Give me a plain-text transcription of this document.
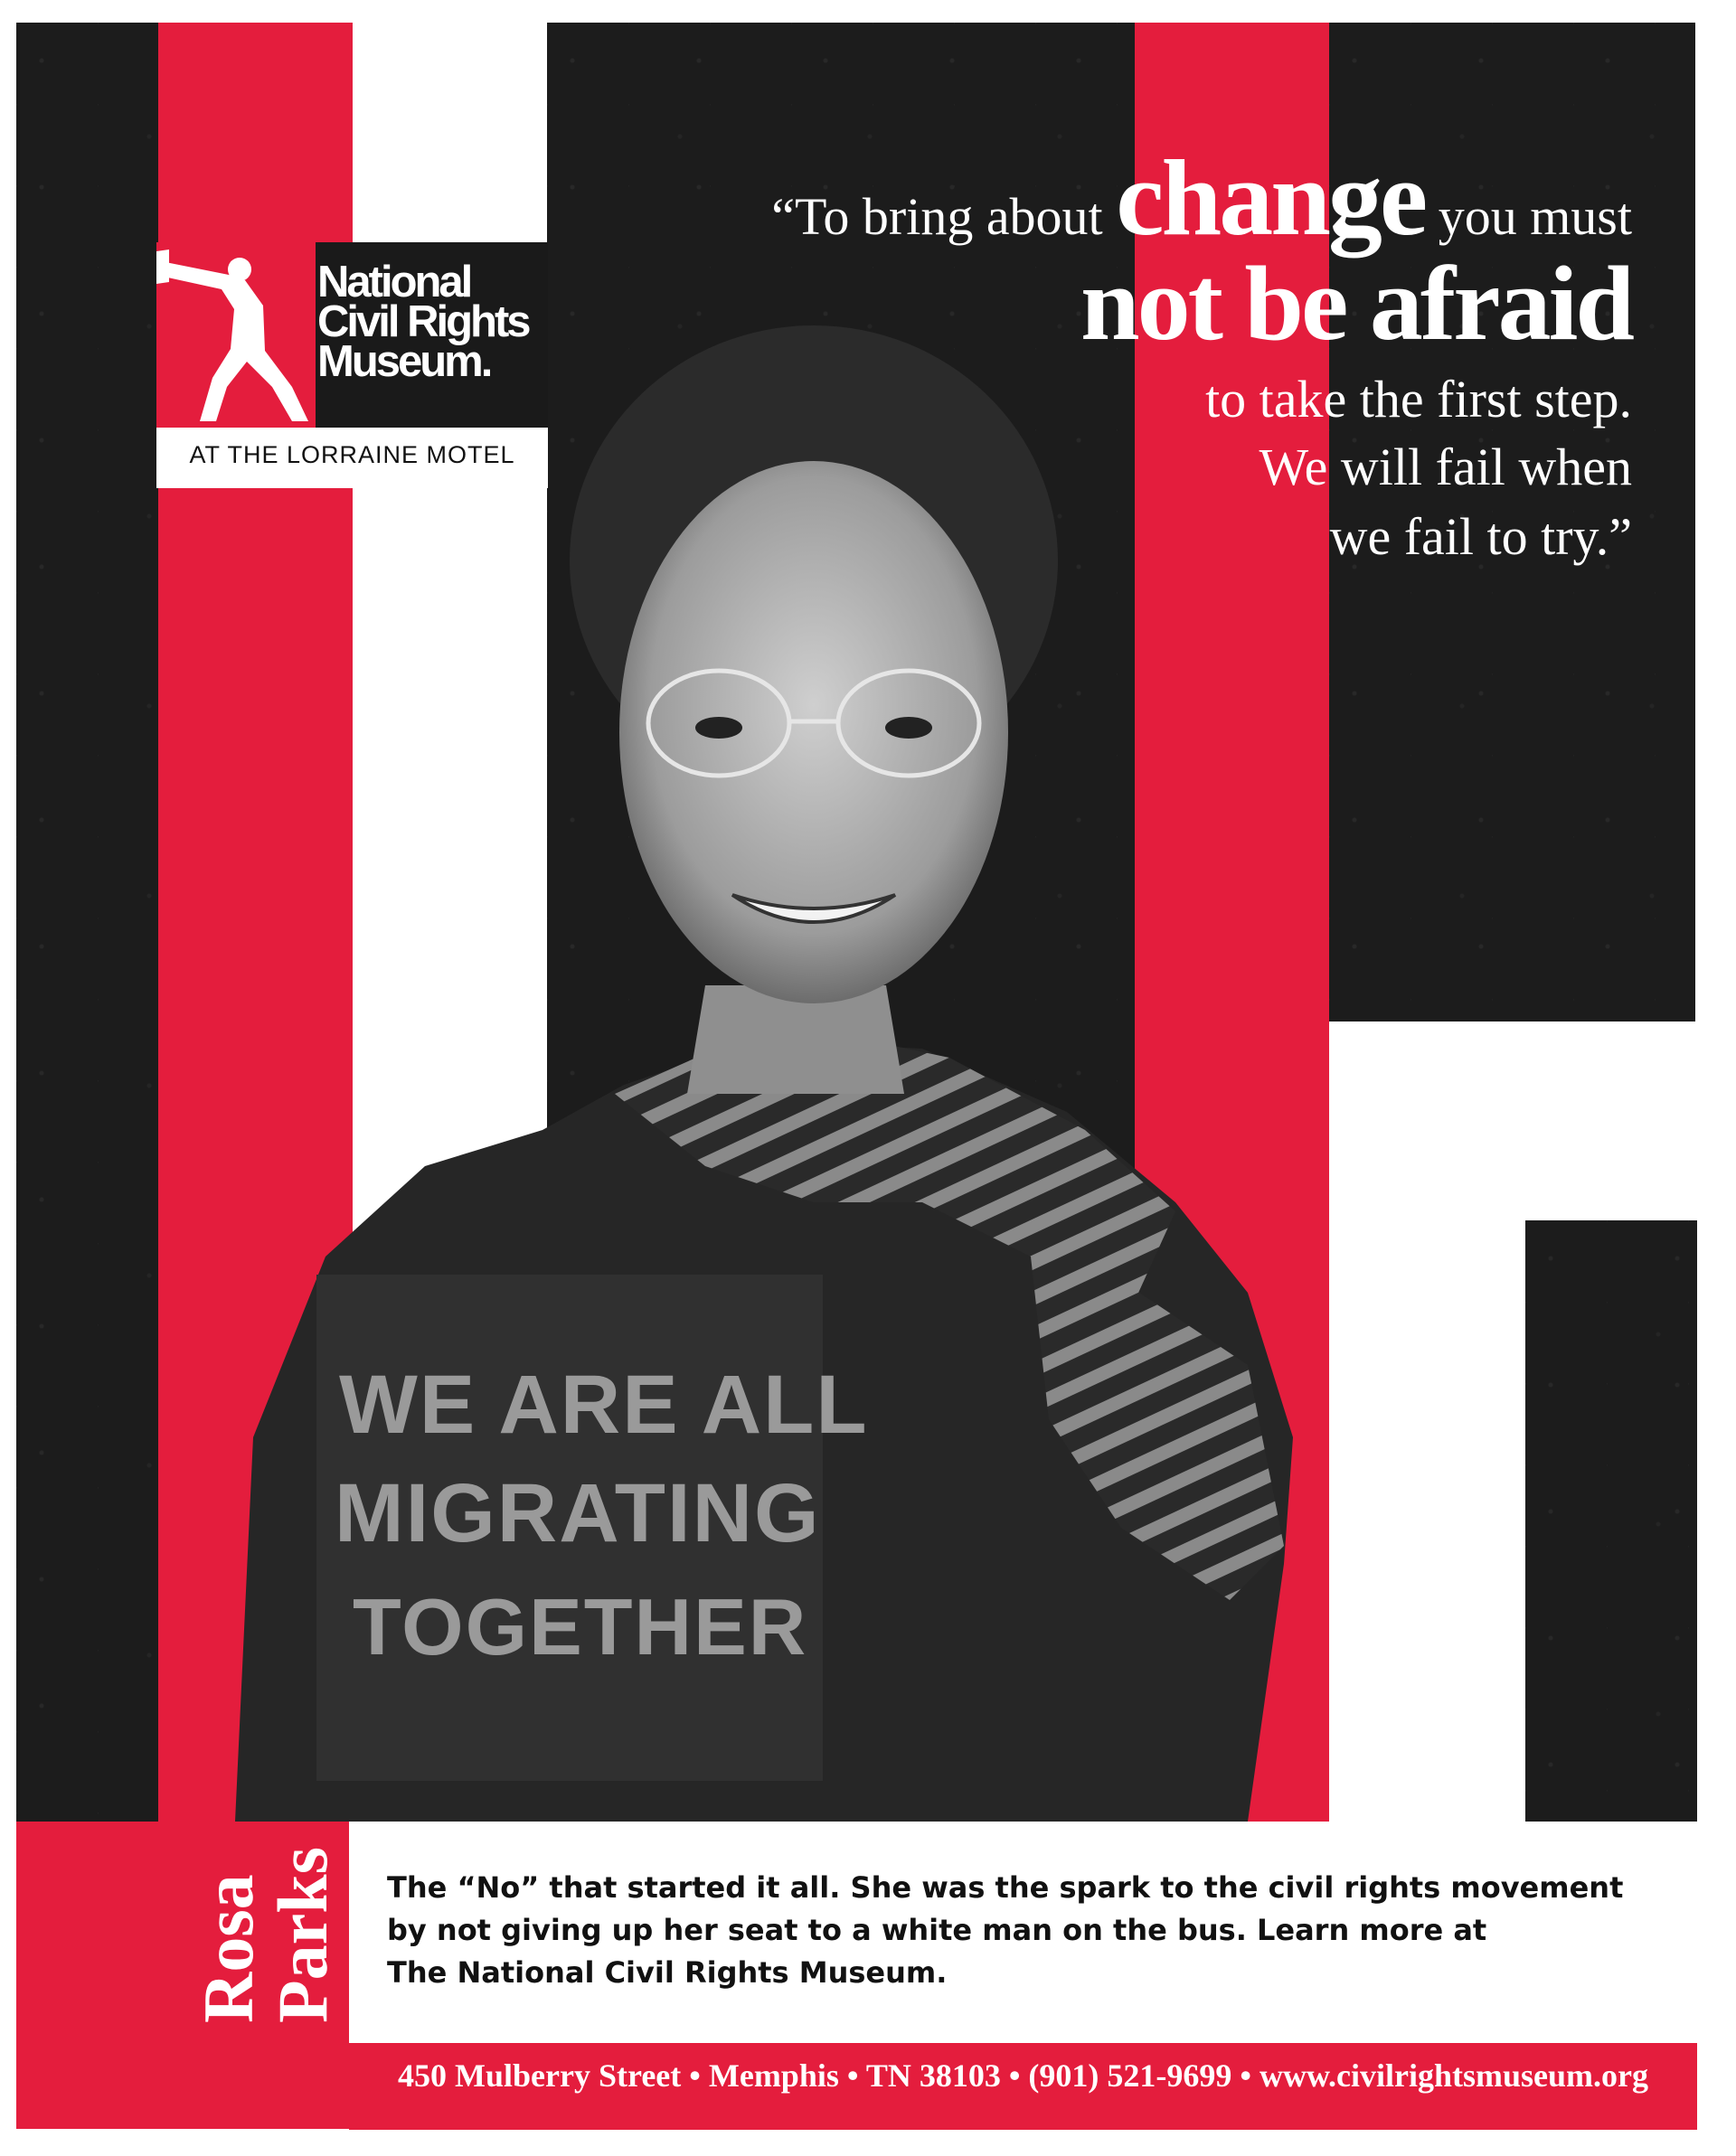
National
Civil Rights
Museum.
AT THE LORRAINE MOTEL
“To bring about change you must
not be afraid
to take the first step.
We will fail when
we fail to try.”
WE ARE ALL
MIGRATING
TOGETHER
Rosa
Parks The “No” that started it all. She was the spark to the civil rights movement
by not giving up her seat to a white man on the bus. Learn more at
The National Civil Rights Museum.
450 Mulberry Street • Memphis • TN 38103 • (901) 521-9699 • www.civilrightsmuseum.org
